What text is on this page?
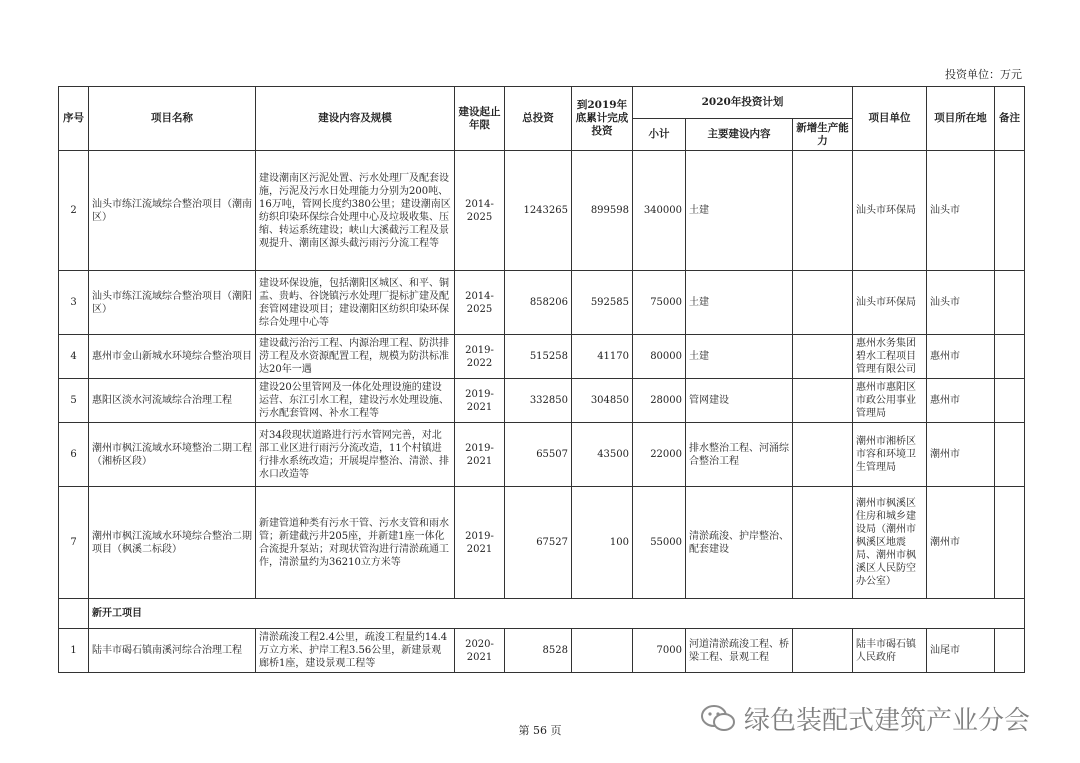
投资单位：万元
序号	项目名称	建设内容及规模	建设起止年限	总投资	到2019年底累计完成投资	2020年投资计划			项目单位	项目所在地	备注
						小计	主要建设内容	新增生产能力			
2	汕头市练江流域综合整治项目（潮南区）	建设潮南区污泥处置、污水处理厂及配套设施，污泥及污水日处理能力分别为200吨、16万吨，管网长度约380公里；建设潮南区纺织印染环保综合处理中心及垃圾收集、压缩、转运系统建设；峡山大溪截污工程及景观提升、潮南区源头截污雨污分流工程等	2014-2025	1243265	899598	340000	土建		汕头市环保局	汕头市	
3	汕头市练江流域综合整治项目（潮阳区）	建设环保设施，包括潮阳区城区、和平、铜盂、贵屿、谷饶镇污水处理厂提标扩建及配套管网建设项目；建设潮阳区纺织印染环保综合处理中心等	2014-2025	858206	592585	75000	土建		汕头市环保局	汕头市	
4	惠州市金山新城水环境综合整治项目	建设截污治污工程、内源治理工程、防洪排涝工程及水资源配置工程，规模为防洪标准达20年一遇	2019-2022	515258	41170	80000	土建		惠州水务集团碧水工程项目管理有限公司	惠州市	
5	惠阳区淡水河流域综合治理工程	建设20公里管网及一体化处理设施的建设运营、东江引水工程，建设污水处理设施、污水配套管网、补水工程等	2019-2021	332850	304850	28000	管网建设		惠州市惠阳区市政公用事业管理局	惠州市	
6	潮州市枫江流域水环境整治二期工程（湘桥区段）	对34段现状道路进行污水管网完善，对北部工业区进行雨污分流改造，11个村镇进行排水系统改造；开展堤岸整治、清淤、排水口改造等	2019-2021	65507	43500	22000	排水整治工程、河涌综合整治工程		潮州市湘桥区市容和环境卫生管理局	潮州市	
7	潮州市枫江流域水环境综合整治二期项目（枫溪二标段）	新建管道种类有污水干管、污水支管和雨水管；新建截污井205座，并新建1座一体化合流提升泵站；对现状管沟进行清淤疏通工作，清淤量约为36210立方米等	2019-2021	67527	100	55000	清淤疏浚、护岸整治、配套建设		潮州市枫溪区住房和城乡建设局（潮州市枫溪区地震局、潮州市枫溪区人民防空办公室）	潮州市	
	新开工项目										
1	陆丰市碣石镇南溪河综合治理工程	清淤疏浚工程2.4公里，疏浚工程量约14.4万立方米、护岸工程3.56公里，新建景观廊桥1座，建设景观工程等	2020-2021	8528		7000	河道清淤疏浚工程、桥梁工程、景观工程		陆丰市碣石镇人民政府	汕尾市	
第 56 页	绿色装配式建筑产业分会
